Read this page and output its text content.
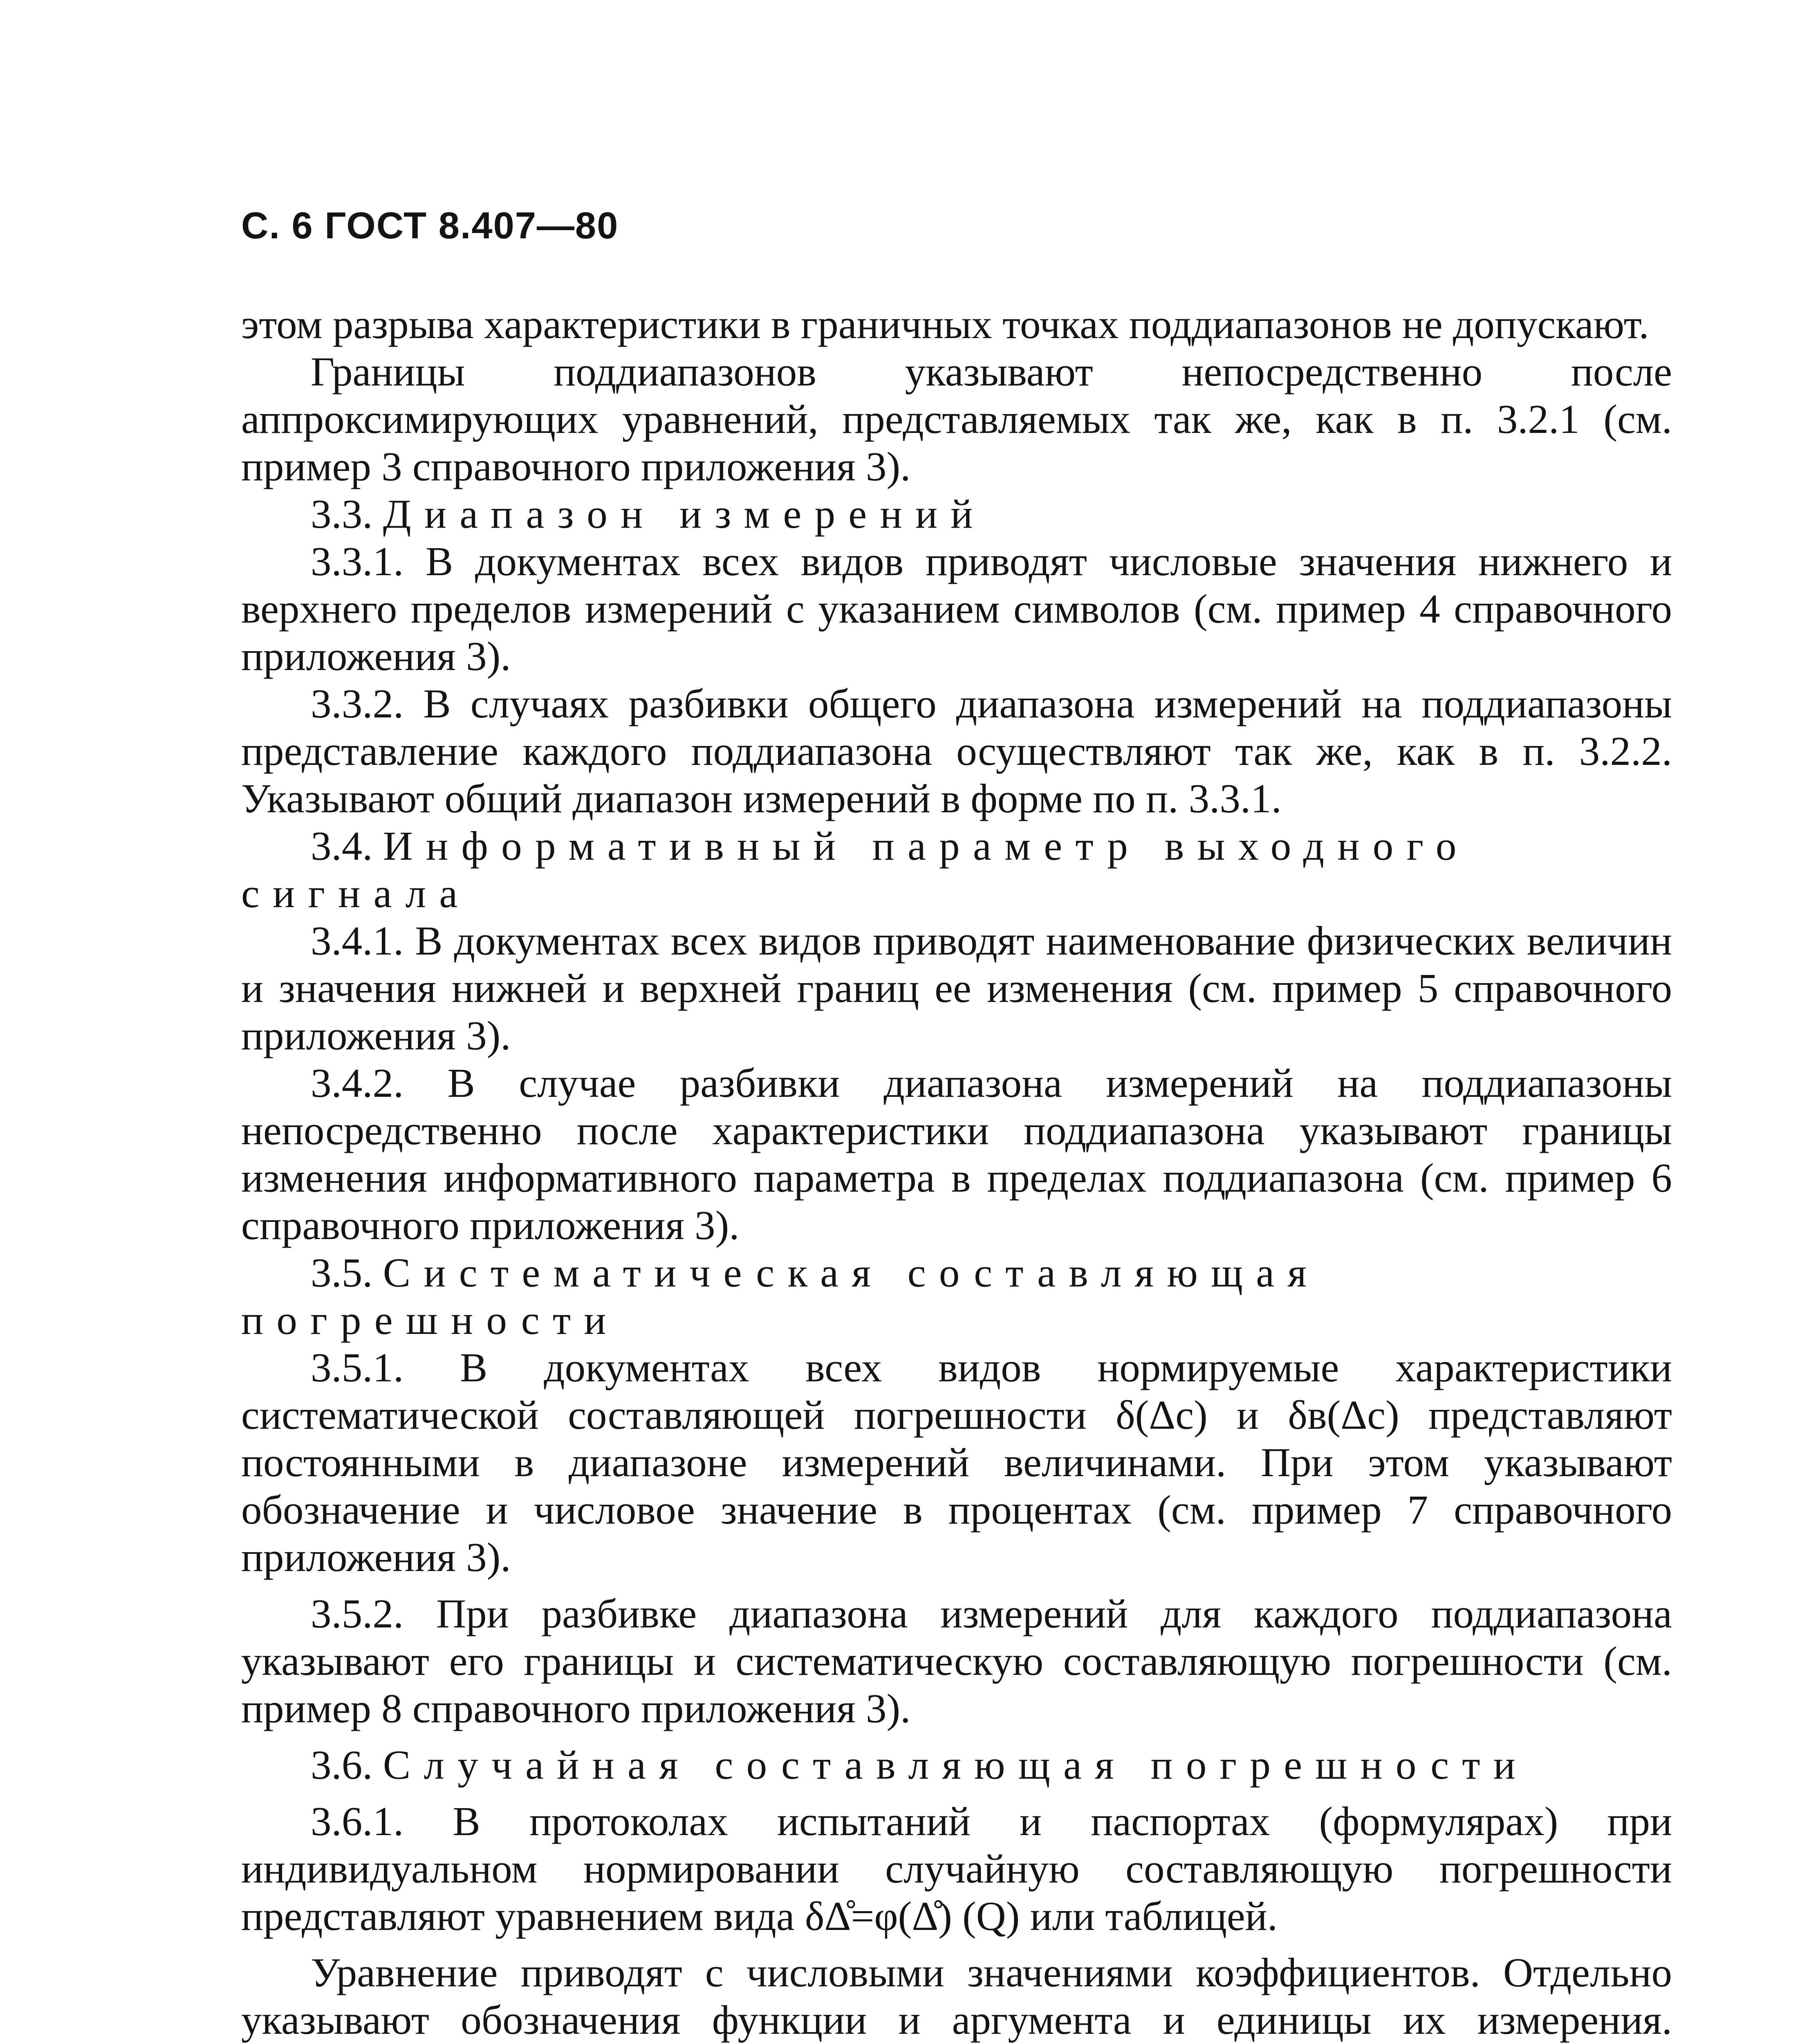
С. 6 ГОСТ 8.407—80

этом разрыва характеристики в граничных точках поддиапазонов не допускают.

Границы поддиапазонов указывают непосредственно после аппроксимирующих уравнений, представляемых так же, как в п. 3.2.1 (см. пример 3 справочного приложения 3).

3.3. Диапазон измерений

3.3.1. В документах всех видов приводят числовые значения нижнего и верхнего пределов измерений с указанием символов (см. пример 4 справочного приложения 3).

3.3.2. В случаях разбивки общего диапазона измерений на поддиапазоны представление каждого поддиапазона осуществляют так же, как в п. 3.2.2. Указывают общий диапазон измерений в форме по п. 3.3.1.

3.4. Информативный параметр выходного сигнала

3.4.1. В документах всех видов приводят наименование физических величин и значения нижней и верхней границ ее изменения (см. пример 5 справочного приложения 3).

3.4.2. В случае разбивки диапазона измерений на поддиапазоны непосредственно после характеристики поддиапазона указывают границы изменения информативного параметра в пределах поддиапазона (см. пример 6 справочного приложения 3).

3.5. Систематическая составляющая погрешности

3.5.1. В документах всех видов нормируемые характеристики систематической составляющей погрешности δ(Δс) и δв(Δс) представляют постоянными в диапазоне измерений величинами. При этом указывают обозначение и числовое значение в процентах (см. пример 7 справочного приложения 3).

3.5.2. При разбивке диапазона измерений для каждого поддиапазона указывают его границы и систематическую составляющую погрешности (см. пример 8 справочного приложения 3).

3.6. Случайная составляющая погрешности

3.6.1. В протоколах испытаний и паспортах (формулярах) при индивидуальном нормировании случайную составляющую погрешности представляют уравнением вида δΔ̊=φ(Δ̊) (Q) или таблицей.

Уравнение приводят с числовыми значениями коэффициентов. Отдельно указывают обозначения функции и аргумента и единицы их измерения.
